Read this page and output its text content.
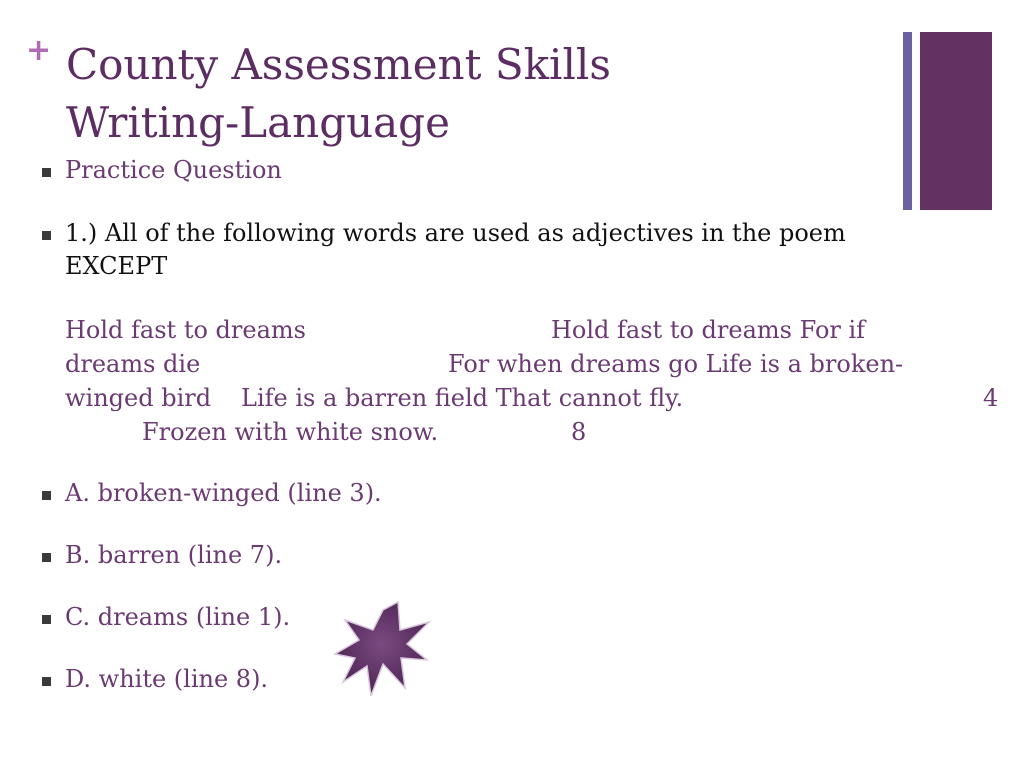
+ County Assessment Skills
Writing-Language
Practice Question
1.) All of the following words are used as adjectives in the poem
EXCEPT
Hold fast to dreams	Hold fast to dreams For if
dreams die	For when dreams go Life is a broken-
winged bird Life is a barren field That cannot fly.	4
Frozen with white snow.	8
A. broken-winged (line 3).
B. barren (line 7).
C. dreams (line 1).
D. white (line 8).
